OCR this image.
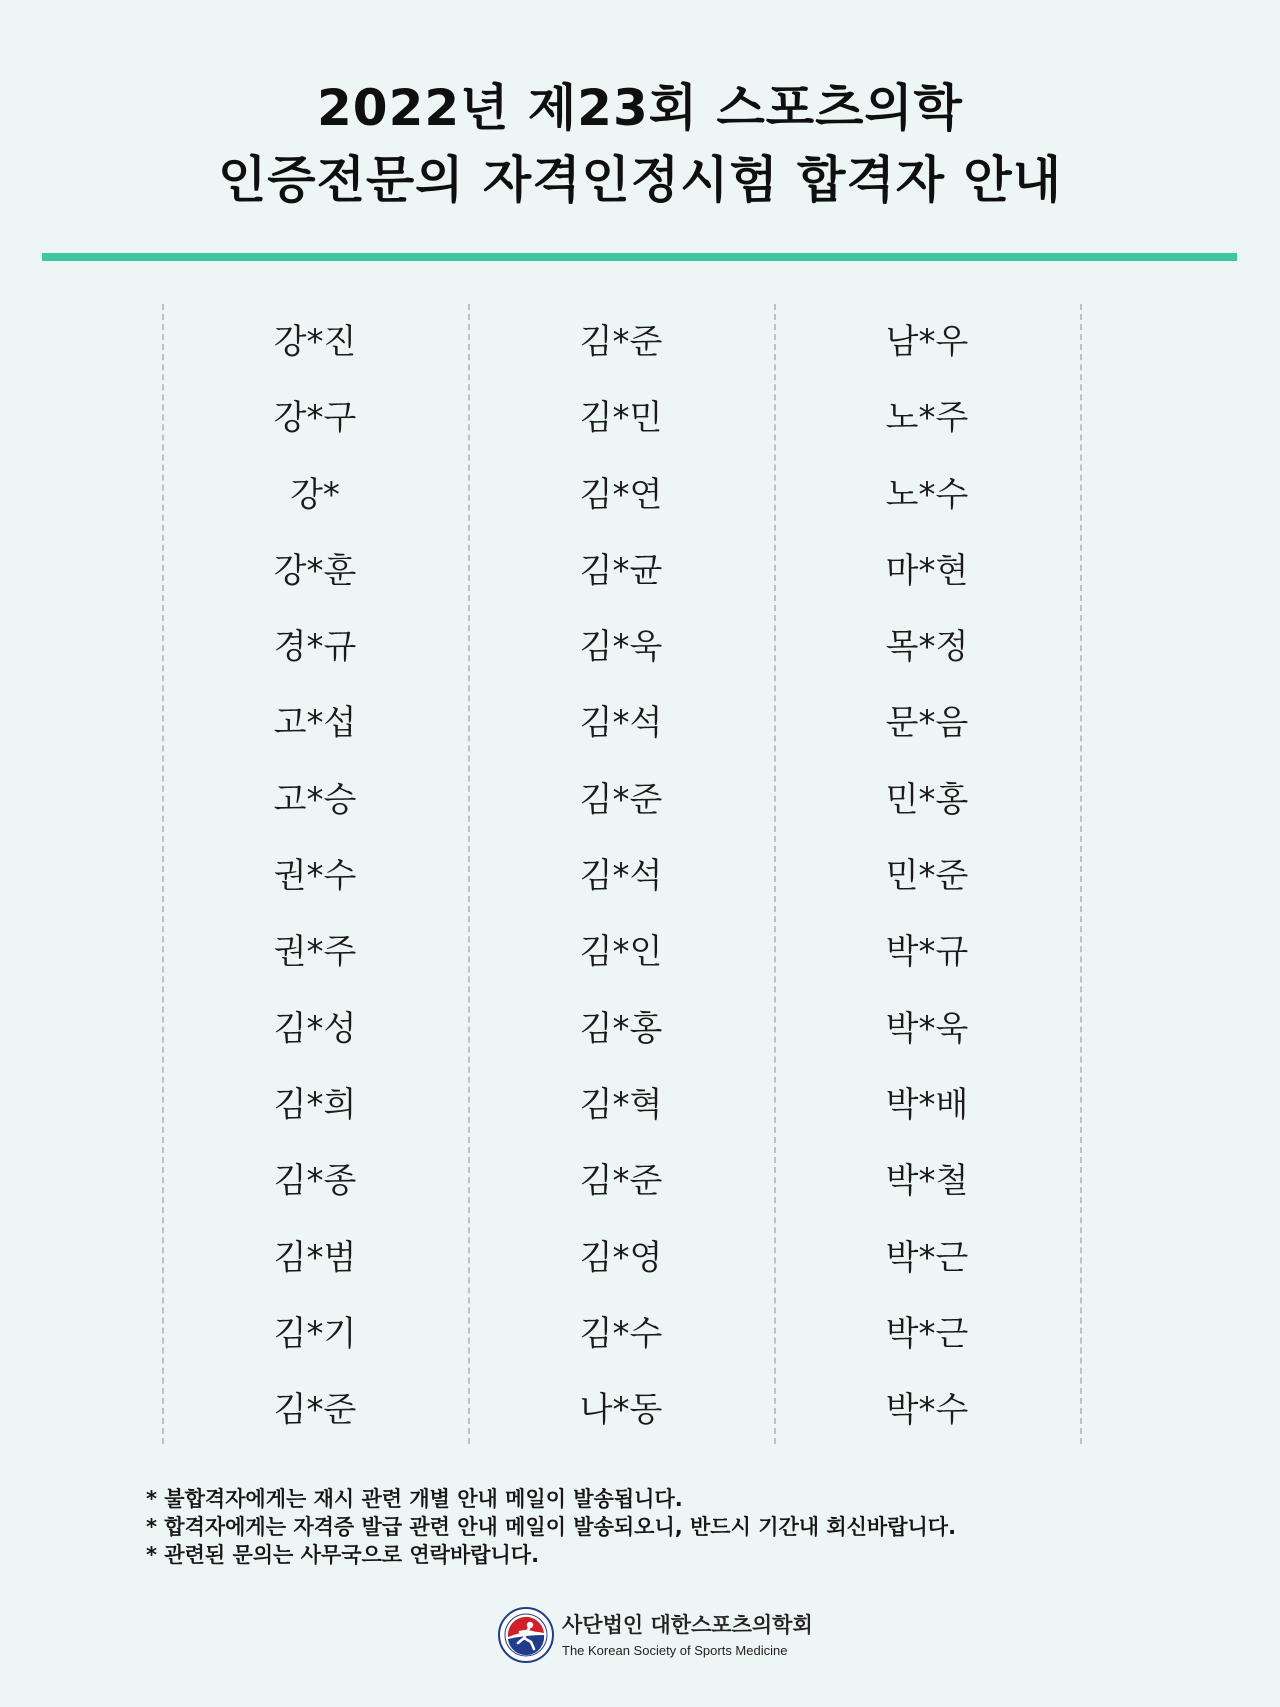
2022년 제23회 스포츠의학
인증전문의 자격인정시험 합격자 안내
강*진
강*구
강*
강*훈
경*규
고*섭
고*승
권*수
권*주
김*성
김*희
김*종
김*범
김*기
김*준
김*준
김*민
김*연
김*균
김*욱
김*석
김*준
김*석
김*인
김*홍
김*혁
김*준
김*영
김*수
나*동
남*우
노*주
노*수
마*현
목*정
문*음
민*홍
민*준
박*규
박*욱
박*배
박*철
박*근
박*근
박*수
* 불합격자에게는 재시 관련 개별 안내 메일이 발송됩니다.
* 합격자에게는 자격증 발급 관련 안내 메일이 발송되오니, 반드시 기간내 회신바랍니다.
* 관련된 문의는 사무국으로 연락바랍니다.
사단법인 대한스포츠의학회
The Korean Society of Sports Medicine
